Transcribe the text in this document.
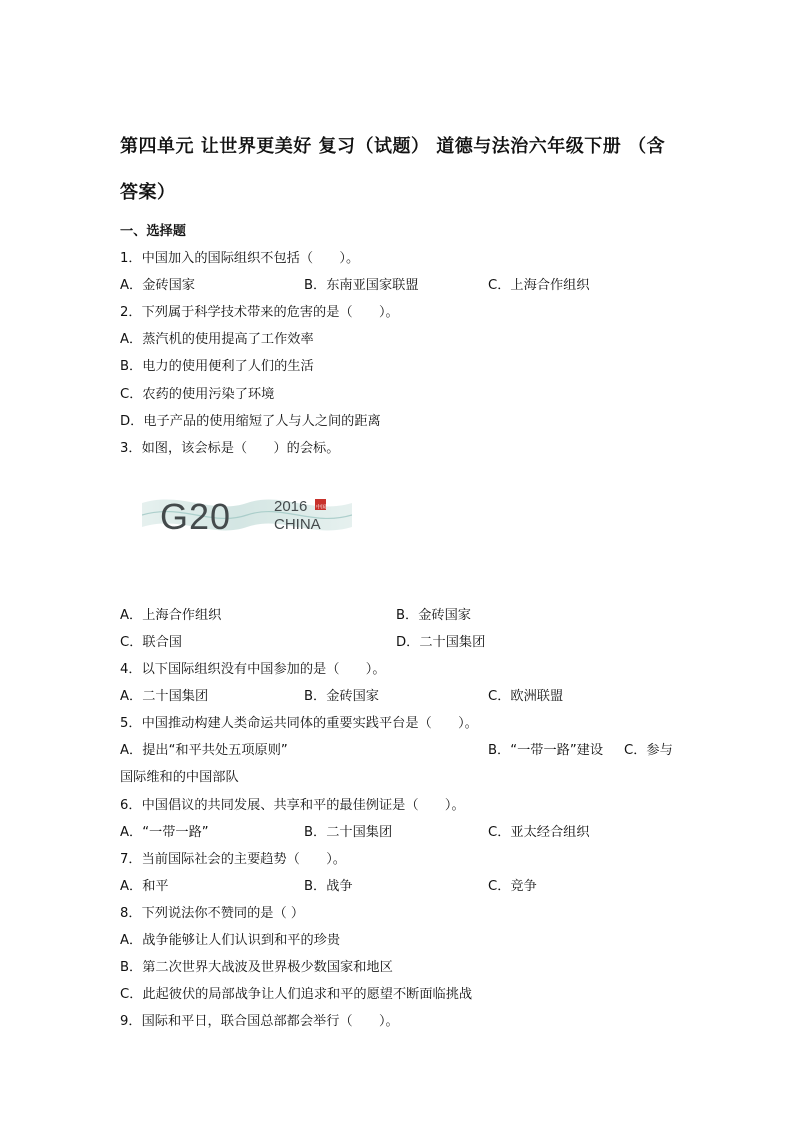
第四单元 让世界更美好 复习（试题） 道德与法治六年级下册 （含答案）
一、选择题
1．中国加入的国际组织不包括（　　）。
A．金砖国家	B．东南亚国家联盟	C．上海合作组织
2．下列属于科学技术带来的危害的是（　　）。
A．蒸汽机的使用提高了工作效率
B．电力的使用便利了人们的生活
C．农药的使用污染了环境
D．电子产品的使用缩短了人与人之间的距离
3．如图，该会标是（　　）的会标。
G20	2016 中国
CHINA
A．上海合作组织	B．金砖国家
C．联合国	D．二十国集团
4．以下国际组织没有中国参加的是（　　）。
A．二十国集团	B．金砖国家	C．欧洲联盟
5．中国推动构建人类命运共同体的重要实践平台是（　　）。
A．提出“和平共处五项原则”	B．“一带一路”建设	C．参与
国际维和的中国部队
6．中国倡议的共同发展、共享和平的最佳例证是（　　）。
A．“一带一路”	B．二十国集团	C．亚太经合组织
7．当前国际社会的主要趋势（　　）。
A．和平	B．战争	C．竞争
8．下列说法你不赞同的是（ ）
A．战争能够让人们认识到和平的珍贵
B．第二次世界大战波及世界极少数国家和地区
C．此起彼伏的局部战争让人们追求和平的愿望不断面临挑战
9．国际和平日，联合国总部都会举行（　　）。
